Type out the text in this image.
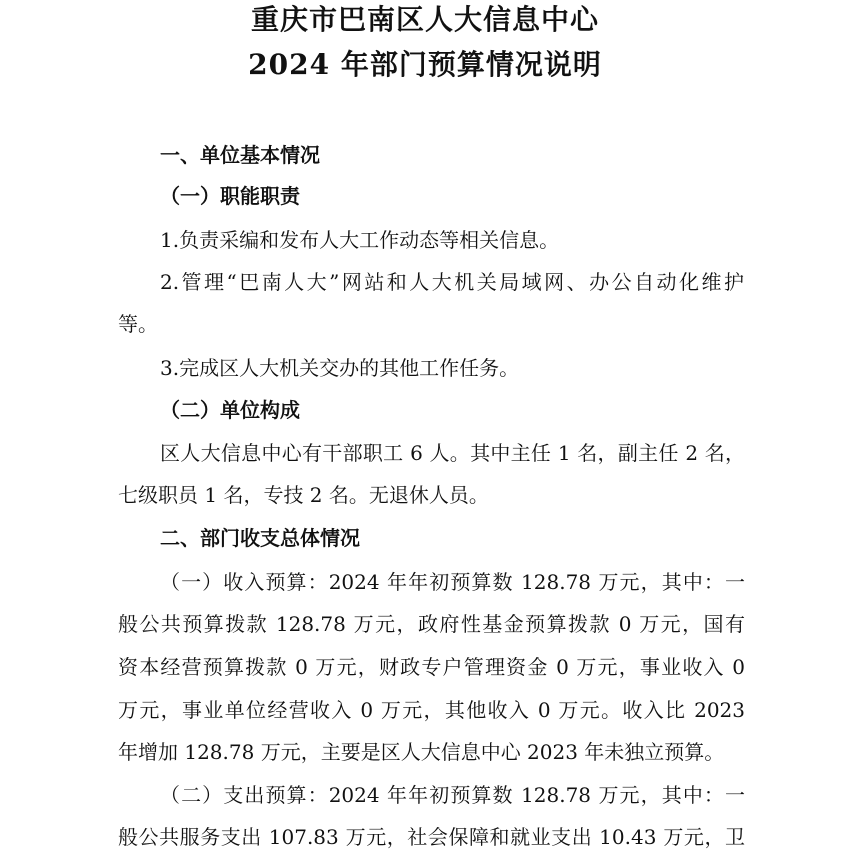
重庆市巴南区人大信息中心
2024 年部门预算情况说明
一、单位基本情况
（一）职能职责
1.负责采编和发布人大工作动态等相关信息。
2.管理“巴南人大”网站和人大机关局域网、办公自动化维护
等。
3.完成区人大机关交办的其他工作任务。
（二）单位构成
区人大信息中心有干部职工 6 人。其中主任 1 名，副主任 2 名，
七级职员 1 名，专技 2 名。无退休人员。
二、部门收支总体情况
（一）收入预算：2024 年年初预算数 128.78 万元，其中：一
般公共预算拨款 128.78 万元，政府性基金预算拨款 0 万元，国有
资本经营预算拨款 0 万元，财政专户管理资金 0 万元，事业收入 0
万元，事业单位经营收入 0 万元，其他收入 0 万元。收入比 2023
年增加 128.78 万元，主要是区人大信息中心 2023 年未独立预算。
（二）支出预算：2024 年年初预算数 128.78 万元，其中：一
般公共服务支出 107.83 万元，社会保障和就业支出 10.43 万元，卫
